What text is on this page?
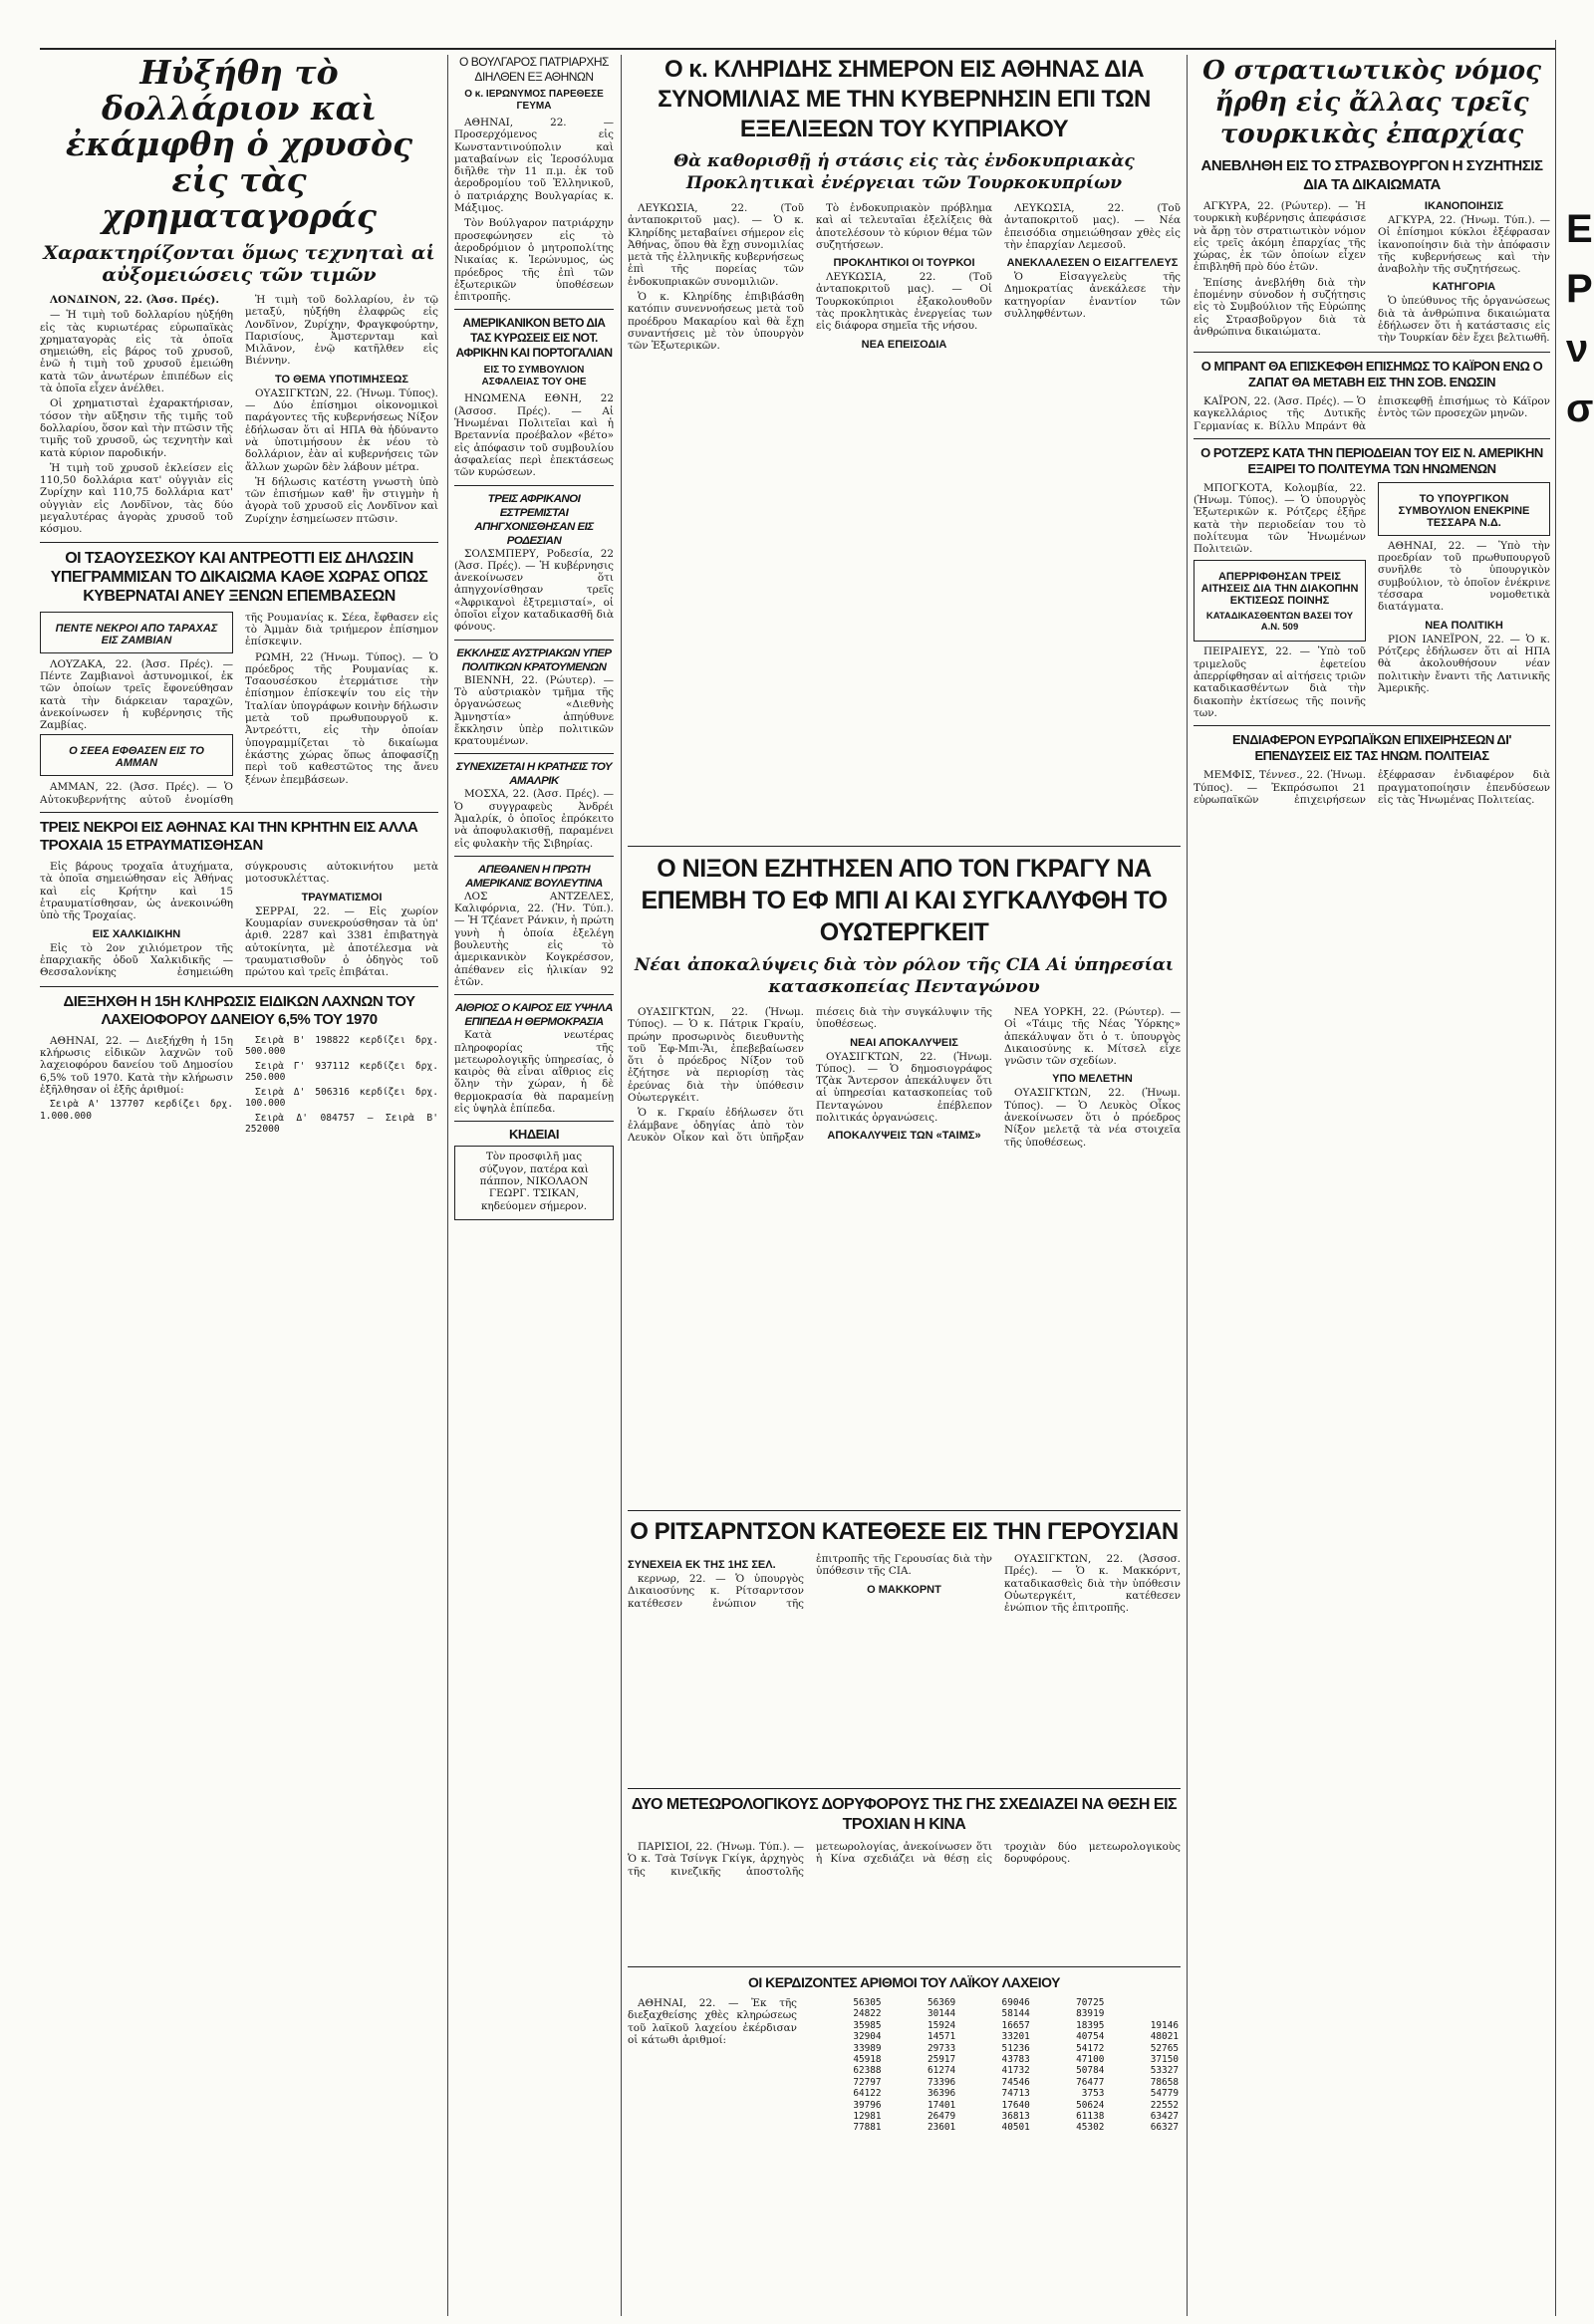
Ηὐξήθη τὸ δολλάριον καὶ ἐκάμφθη ὁ χρυσὸς εἰς τὰς χρηματαγοράς
Χαρακτηρίζονται ὅμως τεχνηταὶ αἱ αὐξομειώσεις τῶν τιμῶν

ΛΟΝΔΙΝΟΝ, 22. (Ἀσσ. Πρές).

— Ἡ τιμὴ τοῦ δολλαρίου ηὐξήθη εἰς τὰς κυριωτέρας εὐρωπαϊκὰς χρηματαγορὰς εἰς τὰ ὁποῖα σημειώθη, εἰς βάρος τοῦ χρυσοῦ, ἐνῶ ἡ τιμὴ τοῦ χρυσοῦ ἐμειώθη κατὰ τῶν ἀνωτέρων ἐπιπέδων εἰς τὰ ὁποῖα εἶχεν ἀνέλθει.

Οἱ χρηματισταὶ ἐχαρακτήρισαν, τόσον τὴν αὔξησιν τῆς τιμῆς τοῦ δολλαρίου, ὅσον καὶ τὴν πτῶσιν τῆς τιμῆς τοῦ χρυσοῦ, ὡς τεχνητὴν καὶ κατὰ κύριον παροδικήν.

Ἡ τιμὴ τοῦ χρυσοῦ ἐκλείσεν εἰς 110,50 δολλάρια κατ' οὐγγιὰν εἰς Ζυρίχην καὶ 110,75 δολλάρια κατ' οὐγγιὰν εἰς Λονδῖνον, τὰς δύο μεγαλυτέρας ἀγορὰς χρυσοῦ τοῦ κόσμου.

Ἡ τιμὴ τοῦ δολλαρίου, ἐν τῷ μεταξύ, ηὐξήθη ἐλαφρῶς εἰς Λονδῖνον, Ζυρίχην, Φραγκφούρτην, Παρισίους, Ἀμστερνταμ καὶ Μιλᾶνον, ἐνῷ κατῆλθεν εἰς Βιέννην.

ΤΟ ΘΕΜΑ ΥΠΟΤΙΜΗΣΕΩΣ

ΟΥΑΣΙΓΚΤΩΝ, 22. (Ἡνωμ. Τύπος). — Δύο ἐπίσημοι οἰκονομικοὶ παράγοντες τῆς κυβερνήσεως Νίξον ἐδήλωσαν ὅτι αἱ ΗΠΑ θὰ ἠδύναντο νὰ ὑποτιμήσουν ἐκ νέου τὸ δολλάριον, ἐὰν αἱ κυβερνήσεις τῶν ἄλλων χωρῶν δὲν λάβουν μέτρα.

Ἡ δήλωσις κατέστη γνωστὴ ὑπὸ τῶν ἐπισήμων καθ' ἣν στιγμὴν ἡ ἀγορὰ τοῦ χρυσοῦ εἰς Λονδῖνον καὶ Ζυρίχην ἐσημείωσεν πτῶσιν.

ΟΙ ΤΣΑΟΥΣΕΣΚΟΥ ΚΑΙ ΑΝΤΡΕΟΤΤΙ ΕΙΣ ΔΗΛΩΣΙΝ ΥΠΕΓΡΑΜΜΙΣΑΝ ΤΟ ΔΙΚΑΙΩΜΑ ΚΑΘΕ ΧΩΡΑΣ ΟΠΩΣ ΚΥΒΕΡΝΑΤΑΙ ΑΝΕΥ ΞΕΝΩΝ ΕΠΕΜΒΑΣΕΩΝ

ΠΕΝΤΕ ΝΕΚΡΟΙ ΑΠΟ ΤΑΡΑΧΑΣ ΕΙΣ ΖΑΜΒΙΑΝ

ΛΟΥΖΑΚΑ, 22. (Ἀσσ. Πρές). — Πέντε Ζαμβιανοὶ ἀστυνομικοί, ἐκ τῶν ὁποίων τρεῖς ἔφονεύθησαν κατὰ τὴν διάρκειαν ταραχῶν, ἀνεκοίνωσεν ἡ κυβέρνησις τῆς Ζαμβίας.

Ο ΣΕΕΑ ΕΦΘΑΣΕΝ ΕΙΣ ΤΟ ΑΜΜΑΝ

ΑΜΜΑΝ, 22. (Ἀσσ. Πρές). — Ὁ Αὐτοκυβερνήτης αὐτοῦ ἐνομίσθη τῆς Ρουμανίας κ. Σέεα, ἔφθασεν εἰς τὸ Ἀμμὰν διὰ τριήμερον ἐπίσημον ἐπίσκεψιν.

ΡΩΜΗ, 22 (Ἡνωμ. Τύπος). — Ὁ πρόεδρος τῆς Ρουμανίας κ. Τσαουσέσκου ἐτερμάτισε τὴν ἐπίσημον ἐπίσκεψίν του εἰς τὴν Ἰταλίαν ὑπογράφων κοινὴν δήλωσιν μετὰ τοῦ πρωθυπουργοῦ κ. Ἀντρεόττι, εἰς τὴν ὁποίαν ὑπογραμμίζεται τὸ δικαίωμα ἑκάστης χώρας ὅπως ἀποφασίζῃ περὶ τοῦ καθεστῶτος της ἄνευ ξένων ἐπεμβάσεων.

ΤΡΕΙΣ ΝΕΚΡΟΙ ΕΙΣ ΑΘΗΝΑΣ ΚΑΙ ΤΗΝ ΚΡΗΤΗΝ ΕΙΣ ΑΛΛΑ ΤΡΟΧΑΙΑ 15 ΕΤΡΑΥΜΑΤΙΣΘΗΣΑΝ

Εἰς βάρους τροχαῖα ἀτυχήματα, τὰ ὁποῖα σημειώθησαν εἰς Ἀθήνας καὶ εἰς Κρήτην καὶ 15 ἐτραυματίσθησαν, ὡς ἀνεκοινώθη ὑπὸ τῆς Τροχαίας.

ΕΙΣ ΧΑΛΚΙΔΙΚΗΝ

Εἰς τὸ 2ον χιλιόμετρον τῆς ἐπαρχιακῆς ὁδοῦ Χαλκιδικῆς — Θεσσαλονίκης ἐσημειώθη σύγκρουσις αὐτοκινήτου μετὰ μοτοσυκλέττας.

ΤΡΑΥΜΑΤΙΣΜΟΙ

ΣΕΡΡΑΙ, 22. — Εἰς χωρίον Κουμαρίαν συνεκρούσθησαν τὰ ὑπ' ἀριθ. 2287 καὶ 3381 ἐπιβατηγὰ αὐτοκίνητα, μὲ ἀποτέλεσμα νὰ τραυματισθοῦν ὁ ὁδηγὸς τοῦ πρώτου καὶ τρεῖς ἐπιβάται.

ΔΙΕΞΗΧΘΗ Η 15Η ΚΛΗΡΩΣΙΣ ΕΙΔΙΚΩΝ ΛΑΧΝΩΝ ΤΟΥ ΛΑΧΕΙΟΦΟΡΟΥ ΔΑΝΕΙΟΥ 6,5% ΤΟΥ 1970

ΑΘΗΝΑΙ, 22. — Διεξήχθη ἡ 15η κλήρωσις εἰδικῶν λαχνῶν τοῦ λαχειοφόρου δανείου τοῦ Δημοσίου 6,5% τοῦ 1970. Κατὰ τὴν κλήρωσιν ἐξῆλθησαν οἱ ἑξῆς ἀριθμοί:

Σειρὰ Α' 137707 κερδίζει δρχ. 1.000.000

Σειρὰ Β' 198822 κερδίζει δρχ. 500.000

Σειρὰ Γ' 937112 κερδίζει δρχ. 250.000

Σειρὰ Δ' 506316 κερδίζει δρχ. 100.000

Σειρὰ Δ' 084757 — Σειρὰ Β' 252000

Ο ΒΟΥΛΓΑΡΟΣ ΠΑΤΡΙΑΡΧΗΣ ΔΙΗΛΘΕΝ ΕΞ ΑΘΗΝΩΝ

Ο κ. ΙΕΡΩΝΥΜΟΣ ΠΑΡΕΘΕΣΕ ΓΕΥΜΑ

ΑΘΗΝΑΙ, 22. — Προσερχόμενος εἰς Κωνσταντινούπολιν καὶ ματαβαίνων εἰς Ἱεροσόλυμα διῆλθε τὴν 11 π.μ. ἐκ τοῦ ἀεροδρομίου τοῦ Ἑλληνικοῦ, ὁ πατριάρχης Βουλγαρίας κ. Μάξιμος.

Τὸν Βούλγαρον πατριάρχην προσεφώνησεν εἰς τὸ ἀεροδρόμιον ὁ μητροπολίτης Νικαίας κ. Ἱερώνυμος, ὡς πρόεδρος τῆς ἐπὶ τῶν ἐξωτερικῶν ὑποθέσεων ἐπιτροπῆς.

ΑΜΕΡΙΚΑΝΙΚΟΝ ΒΕΤΟ ΔΙΑ ΤΑΣ ΚΥΡΩΣΕΙΣ ΕΙΣ ΝΟΤ. ΑΦΡΙΚΗΝ ΚΑΙ ΠΟΡΤΟΓΑΛΙΑΝ

ΕΙΣ ΤΟ ΣΥΜΒΟΥΛΙΟΝ ΑΣΦΑΛΕΙΑΣ ΤΟΥ ΟΗΕ

ΗΝΩΜΕΝΑ ΕΘΝΗ, 22 (Ἀσσοσ. Πρές). — Αἱ Ἡνωμέναι Πολιτεῖαι καὶ ἡ Βρεταννία προέβαλον «βέτο» εἰς ἀπόφασιν τοῦ συμβουλίου ἀσφαλείας περὶ ἐπεκτάσεως τῶν κυρώσεων.

ΤΡΕΙΣ ΑΦΡΙΚΑΝΟΙ ΕΣΤΡΕΜΙΣΤΑΙ ΑΠΗΓΧΟΝΙΣΘΗΣΑΝ ΕΙΣ ΡΟΔΕΣΙΑΝ

ΣΟΛΣΜΠΕΡΥ, Ροδεσία, 22 (Ἀσσ. Πρές). — Ἡ κυβέρνησις ἀνεκοίνωσεν ὅτι ἀπηγχονίσθησαν τρεῖς «Ἀφρικανοὶ ἐξτρεμισταί», οἱ ὁποῖοι εἶχον καταδικασθῆ διὰ φόνους.

ΕΚΚΛΗΣΙΣ ΑΥΣΤΡΙΑΚΩΝ ΥΠΕΡ ΠΟΛΙΤΙΚΩΝ ΚΡΑΤΟΥΜΕΝΩΝ

ΒΙΕΝΝΗ, 22. (Ρώυτερ). — Τὸ αὐστριακὸν τμῆμα τῆς ὀργανώσεως «Διεθνὴς Ἀμνηστία» ἀπηύθυνε ἔκκλησιν ὑπὲρ πολιτικῶν κρατουμένων.

ΣΥΝΕΧΙΖΕΤΑΙ Η ΚΡΑΤΗΣΙΣ ΤΟΥ ΑΜΑΛΡΙΚ

ΜΟΣΧΑ, 22. (Ἀσσ. Πρές). — Ὁ συγγραφεὺς Ἀνδρέι Ἀμαλρίκ, ὁ ὁποῖος ἐπρόκειτο νὰ ἀποφυλακισθῇ, παραμένει εἰς φυλακὴν τῆς Σιβηρίας.

ΑΠΕΘΑΝΕΝ Η ΠΡΩΤΗ ΑΜΕΡΙΚΑΝΙΣ ΒΟΥΛΕΥΤΙΝΑ

ΛΟΣ ΑΝΤΖΕΛΕΣ, Καλιφόρνια, 22. (Ἡν. Τύπ.). — Ἡ Τζέανετ Ράνκιν, ἡ πρώτη γυνὴ ἡ ὁποία ἐξελέγη βουλευτὴς εἰς τὸ ἀμερικανικὸν Κογκρέσσον, ἀπέθανεν εἰς ἡλικίαν 92 ἐτῶν.

ΑΙΘΡΙΟΣ Ο ΚΑΙΡΟΣ ΕΙΣ ΥΨΗΛΑ ΕΠΙΠΕΔΑ Η ΘΕΡΜΟΚΡΑΣΙΑ

Κατὰ νεωτέρας πληροφορίας τῆς μετεωρολογικῆς ὑπηρεσίας, ὁ καιρὸς θὰ εἶναι αἴθριος εἰς ὅλην τὴν χώραν, ἡ δὲ θερμοκρασία θὰ παραμείνῃ εἰς ὑψηλὰ ἐπίπεδα.

ΚΗΔΕΙΑΙ

Τὸν προσφιλῆ μας σύζυγον, πατέρα καὶ πάππον, ΝΙΚΟΛΑΟΝ ΓΕΩΡΓ. ΤΣΙΚΑΝ, κηδεύομεν σήμερον.

Ο κ. ΚΛΗΡΙΔΗΣ ΣΗΜΕΡΟΝ ΕΙΣ ΑΘΗΝΑΣ ΔΙΑ ΣΥΝΟΜΙΛΙΑΣ ΜΕ ΤΗΝ ΚΥΒΕΡΝΗΣΙΝ ΕΠΙ ΤΩΝ ΕΞΕΛΙΞΕΩΝ ΤΟΥ ΚΥΠΡΙΑΚΟΥ
Θὰ καθορισθῇ ἡ στάσις εἰς τὰς ἐνδοκυπριακὰς Προκλητικαὶ ἐνέργειαι τῶν Τουρκοκυπρίων

ΛΕΥΚΩΣΙΑ, 22. (Τοῦ ἀνταποκριτοῦ μας). — Ὁ κ. Κληρίδης μεταβαίνει σήμερον εἰς Ἀθήνας, ὅπου θὰ ἔχῃ συνομιλίας μετὰ τῆς ἑλληνικῆς κυβερνήσεως ἐπὶ τῆς πορείας τῶν ἐνδοκυπριακῶν συνομιλιῶν.

Ὁ κ. Κληρίδης ἐπιβιβάσθη κατόπιν συνεννοήσεως μετὰ τοῦ προέδρου Μακαρίου καὶ θὰ ἔχῃ συναντήσεις μὲ τὸν ὑπουργὸν τῶν Ἐξωτερικῶν.

Τὸ ἐνδοκυπριακὸν πρόβλημα καὶ αἱ τελευταῖαι ἐξελίξεις θὰ ἀποτελέσουν τὸ κύριον θέμα τῶν συζητήσεων.

ΠΡΟΚΛΗΤΙΚΟΙ ΟΙ ΤΟΥΡΚΟΙ

ΛΕΥΚΩΣΙΑ, 22. (Τοῦ ἀνταποκριτοῦ μας). — Οἱ Τουρκοκύπριοι ἐξακολουθοῦν τὰς προκλητικὰς ἐνεργείας των εἰς διάφορα σημεῖα τῆς νήσου.

ΝΕΑ ΕΠΕΙΣΟΔΙΑ

ΛΕΥΚΩΣΙΑ, 22. (Τοῦ ἀνταποκριτοῦ μας). — Νέα ἐπεισόδια σημειώθησαν χθὲς εἰς τὴν ἐπαρχίαν Λεμεσοῦ.

ΑΝΕΚΛΑΛΕΣΕΝ Ο ΕΙΣΑΓΓΕΛΕΥΣ

Ὁ Εἰσαγγελεὺς τῆς Δημοκρατίας ἀνεκάλεσε τὴν κατηγορίαν ἐναντίον τῶν συλληφθέντων.

Ο ΝΙΞΟΝ ΕΖΗΤΗΣΕΝ ΑΠΟ ΤΟΝ ΓΚΡΑΓΥ ΝΑ ΕΠΕΜΒΗ ΤΟ ΕΦ ΜΠΙ ΑΙ ΚΑΙ ΣΥΓΚΑΛΥΦΘΗ ΤΟ ΟΥΩΤΕΡΓΚΕΙΤ
Νέαι ἀποκαλύψεις διὰ τὸν ρόλον τῆς CIA Αἱ ὑπηρεσίαι κατασκοπείας Πενταγώνου

ΟΥΑΣΙΓΚΤΩΝ, 22. (Ἡνωμ. Τύπος). — Ὁ κ. Πάτρικ Γκραίυ, πρώην προσωρινὸς διευθυντὴς τοῦ Ἐφ-Μπι-Ἄι, ἐπεβεβαίωσεν ὅτι ὁ πρόεδρος Νίξον τοῦ ἐζήτησε νὰ περιορίσῃ τὰς ἐρεύνας διὰ τὴν ὑπόθεσιν Οὐωτεργκέιτ.

Ὁ κ. Γκραίυ ἐδήλωσεν ὅτι ἐλάμβανε ὁδηγίας ἀπὸ τὸν Λευκὸν Οἶκον καὶ ὅτι ὑπῆρξαν πιέσεις διὰ τὴν συγκάλυψιν τῆς ὑποθέσεως.

ΝΕΑΙ ΑΠΟΚΑΛΥΨΕΙΣ

ΟΥΑΣΙΓΚΤΩΝ, 22. (Ἡνωμ. Τύπος). — Ὁ δημοσιογράφος Τζὰκ Ἄντερσον ἀπεκάλυψεν ὅτι αἱ ὑπηρεσίαι κατασκοπείας τοῦ Πενταγώνου ἐπέβλεπον πολιτικάς ὀργανώσεις.

ΑΠΟΚΑΛΥΨΕΙΣ ΤΩΝ «ΤΑΙΜΣ»

ΝΕΑ ΥΟΡΚΗ, 22. (Ρώυτερ). — Οἱ «Τάιμς τῆς Νέας Ὑόρκης» ἀπεκάλυψαν ὅτι ὁ τ. ὑπουργὸς Δικαιοσύνης κ. Μίτσελ εἶχε γνῶσιν τῶν σχεδίων.

ΥΠΟ ΜΕΛΕΤΗΝ

ΟΥΑΣΙΓΚΤΩΝ, 22. (Ἡνωμ. Τύπος). — Ὁ Λευκὸς Οἶκος ἀνεκοίνωσεν ὅτι ὁ πρόεδρος Νίξον μελετᾷ τὰ νέα στοιχεῖα τῆς ὑποθέσεως.

Ο ΡΙΤΣΑΡΝΤΣΟΝ ΚΑΤΕΘΕΣΕ ΕΙΣ ΤΗΝ ΓΕΡΟΥΣΙΑΝ

ΣΥΝΕΧΕΙΑ ΕΚ ΤΗΣ 1ΗΣ ΣΕΛ.

κερνωρ, 22. — Ὁ ὑπουργὸς Δικαιοσύνης κ. Ρίτσαρντσον κατέθεσεν ἐνώπιον τῆς ἐπιτροπῆς τῆς Γερουσίας διὰ τὴν ὑπόθεσιν τῆς CIA.

Ο ΜΑΚΚΟΡΝΤ

ΟΥΑΣΙΓΚΤΩΝ, 22. (Ἀσσοσ. Πρές). — Ὁ κ. Μακκόρντ, καταδικασθεὶς διὰ τὴν ὑπόθεσιν Οὐωτεργκέιτ, κατέθεσεν ἐνώπιον τῆς ἐπιτροπῆς.

ΔΥΟ ΜΕΤΕΩΡΟΛΟΓΙΚΟΥΣ ΔΟΡΥΦΟΡΟΥΣ ΤΗΣ ΓΗΣ ΣΧΕΔΙΑΖΕΙ ΝΑ ΘΕΣΗ ΕΙΣ ΤΡΟΧΙΑΝ Η ΚΙΝΑ

ΠΑΡΙΣΙΟΙ, 22. (Ἡνωμ. Τύπ.). — Ὁ κ. Τσὰ Τσίνγκ Γκίγκ, ἀρχηγὸς τῆς κινεζικῆς ἀποστολῆς μετεωρολογίας, ἀνεκοίνωσεν ὅτι ἡ Κίνα σχεδιάζει νὰ θέσῃ εἰς τροχιὰν δύο μετεωρολογικοὺς δορυφόρους.

ΟΙ ΚΕΡΔΙΖΟΝΤΕΣ ΑΡΙΘΜΟΙ ΤΟΥ ΛΑΪΚΟΥ ΛΑΧΕΙΟΥ

ΑΘΗΝΑΙ, 22. — Ἐκ τῆς διεξαχθείσης χθὲς κληρώσεως τοῦ λαϊκοῦ λαχείου ἐκέρδισαν οἱ κάτωθι ἀριθμοί:

56305	56369	69046	70725	
24822	30144	58144	83919	
35985	15924	16657	18395	19146
32904	14571	33201	40754	48021
33989	29733	51236	54172	52765
45918	25917	43783	47100	37150
62388	61274	41732	50784	53327
72797	73396	74546	76477	78658
64122	36396	74713	3753	54779
39796	17401	17640	50624	22552
12981	26479	36813	61138	63427
77881	23601	40501	45302	66327
Ο στρατιωτικὸς νόμος ἤρθη εἰς ἄλλας τρεῖς τουρκικὰς ἐπαρχίας
ΑΝΕΒΛΗΘΗ ΕΙΣ ΤΟ ΣΤΡΑΣΒΟΥΡΓΟΝ Η ΣΥΖΗΤΗΣΙΣ ΔΙΑ ΤΑ ΔΙΚΑΙΩΜΑΤΑ

ΑΓΚΥΡΑ, 22. (Ρώυτερ). — Ἡ τουρκικὴ κυβέρνησις ἀπεφάσισε νὰ ἄρῃ τὸν στρατιωτικὸν νόμον εἰς τρεῖς ἀκόμη ἐπαρχίας τῆς χώρας, ἐκ τῶν ὁποίων εἶχεν ἐπιβληθῆ πρὸ δύο ἐτῶν.

Ἐπίσης ἀνεβλήθη διὰ τὴν ἐπομένην σύνοδον ἡ συζήτησις εἰς τὸ Συμβούλιον τῆς Εὐρώπης εἰς Στρασβοῦργον διὰ τὰ ἀνθρώπινα δικαιώματα.

ΙΚΑΝΟΠΟΙΗΣΙΣ

ΑΓΚΥΡΑ, 22. (Ἡνωμ. Τύπ.). — Οἱ ἐπίσημοι κύκλοι ἐξέφρασαν ἱκανοποίησιν διὰ τὴν ἀπόφασιν τῆς κυβερνήσεως καὶ τὴν ἀναβολὴν τῆς συζητήσεως.

ΚΑΤΗΓΟΡΙΑ

Ὁ ὑπεύθυνος τῆς ὀργανώσεως διὰ τὰ ἀνθρώπινα δικαιώματα ἐδήλωσεν ὅτι ἡ κατάστασις εἰς τὴν Τουρκίαν δὲν ἔχει βελτιωθῆ.

Ο ΜΠΡΑΝΤ ΘΑ ΕΠΙΣΚΕΦΘΗ ΕΠΙΣΗΜΩΣ ΤΟ ΚΑΪΡΟΝ ΕΝΩ Ο ΖΑΠΑΤ ΘΑ ΜΕΤΑΒΗ ΕΙΣ ΤΗΝ ΣΟΒ. ΕΝΩΣΙΝ

ΚΑΪΡΟΝ, 22. (Ἀσσ. Πρές). — Ὁ καγκελλάριος τῆς Δυτικῆς Γερμανίας κ. Βίλλυ Μπράντ θὰ ἐπισκεφθῇ ἐπισήμως τὸ Κάϊρον ἐντὸς τῶν προσεχῶν μηνῶν.

Ο ΡΟΤΖΕΡΣ ΚΑΤΑ ΤΗΝ ΠΕΡΙΟΔΕΙΑΝ ΤΟΥ ΕΙΣ Ν. ΑΜΕΡΙΚΗΝ ΕΞΑΙΡΕΙ ΤΟ ΠΟΛΙΤΕΥΜΑ ΤΩΝ ΗΝΩΜΕΝΩΝ

ΜΠΟΓΚΟΤΑ, Κολομβία, 22. (Ἡνωμ. Τύπος). — Ὁ ὑπουργὸς Ἐξωτερικῶν κ. Ρότζερς ἐξῆρε κατὰ τὴν περιοδείαν του τὸ πολίτευμα τῶν Ἡνωμένων Πολιτειῶν.

ΑΠΕΡΡΙΦΘΗΣΑΝ ΤΡΕΙΣ ΑΙΤΗΣΕΙΣ ΔΙΑ ΤΗΝ ΔΙΑΚΟΠΗΝ ΕΚΤΙΣΕΩΣ ΠΟΙΝΗΣ

ΚΑΤΑΔΙΚΑΣΘΕΝΤΩΝ ΒΑΣΕΙ ΤΟΥ Α.Ν. 509

ΠΕΙΡΑΙΕΥΣ, 22. — Ὑπὸ τοῦ τριμελοῦς ἐφετείου ἀπερρίφθησαν αἱ αἰτήσεις τριῶν καταδικασθέντων διὰ τὴν διακοπὴν ἐκτίσεως τῆς ποινῆς των.

ΤΟ ΥΠΟΥΡΓΙΚΟΝ ΣΥΜΒΟΥΛΙΟΝ ΕΝΕΚΡΙΝΕ ΤΕΣΣΑΡΑ Ν.Δ.

ΑΘΗΝΑΙ, 22. — Ὑπὸ τὴν προεδρίαν τοῦ πρωθυπουργοῦ συνῆλθε τὸ ὑπουργικὸν συμβούλιον, τὸ ὁποῖον ἐνέκρινε τέσσαρα νομοθετικὰ διατάγματα.

ΝΕΑ ΠΟΛΙΤΙΚΗ

ΡΙΟΝ ΙΑΝΕΪΡΟΝ, 22. — Ὁ κ. Ρότζερς ἐδήλωσεν ὅτι αἱ ΗΠΑ θὰ ἀκολουθήσουν νέαν πολιτικὴν ἔναντι τῆς Λατινικῆς Ἀμερικῆς.

ΕΝΔΙΑΦΕΡΟΝ ΕΥΡΩΠΑΪΚΩΝ ΕΠΙΧΕΙΡΗΣΕΩΝ ΔΙ' ΕΠΕΝΔΥΣΕΙΣ ΕΙΣ ΤΑΣ ΗΝΩΜ. ΠΟΛΙΤΕΙΑΣ

ΜΕΜΦΙΣ, Τέννεσ., 22. (Ἡνωμ. Τύπος). — Ἐκπρόσωποι 21 εὐρωπαϊκῶν ἐπιχειρήσεων ἐξέφρασαν ἐνδιαφέρον διὰ πραγματοποίησιν ἐπενδύσεων εἰς τὰς Ἡνωμένας Πολιτείας.

ΕΡνσ
